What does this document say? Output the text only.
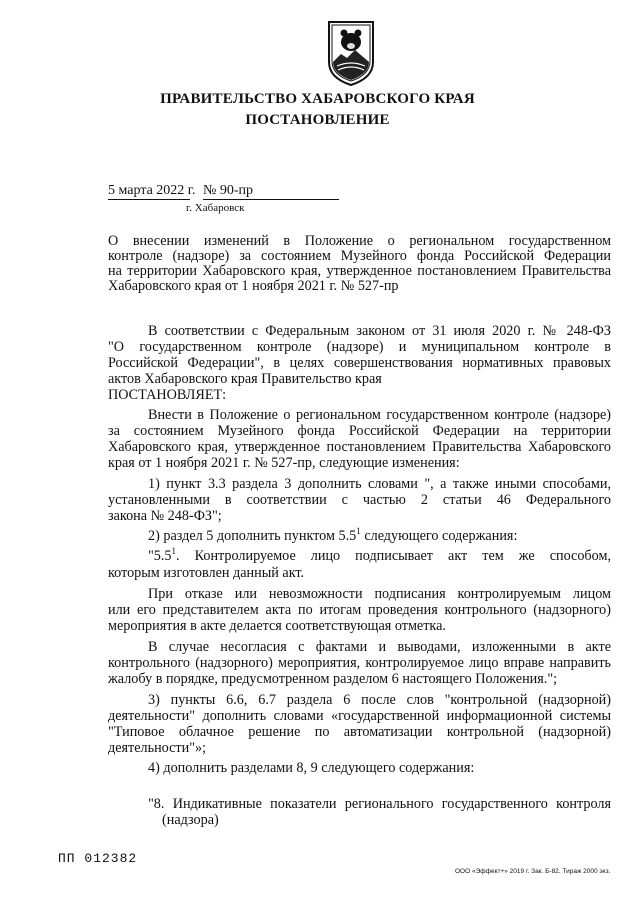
ПРАВИТЕЛЬСТВО ХАБАРОВСКОГО КРАЯ
ПОСТАНОВЛЕНИЕ
5 марта 2022 г. № 90-пр
г. Хабаровск
О внесении изменений в Положение о региональном государственном
контроле (надзоре) за состоянием Музейного фонда Российской Федерации
на территории Хабаровского края, утвержденное постановлением Правительства
Хабаровского края от 1 ноября 2021 г. № 527-пр
В соответствии с Федеральным законом от 31 июля 2020 г. № 248-ФЗ
"О государственном контроле (надзоре) и муниципальном контроле в
Российской Федерации", в целях совершенствования нормативных правовых
актов Хабаровского края Правительство края
ПОСТАНОВЛЯЕТ:
Внести в Положение о региональном государственном контроле (надзоре)
за состоянием Музейного фонда Российской Федерации на территории
Хабаровского края, утвержденное постановлением Правительства Хабаровского
края от 1 ноября 2021 г. № 527-пр, следующие изменения:
1) пункт 3.3 раздела 3 дополнить словами ", а также иными способами,
установленными в соответствии с частью 2 статьи 46 Федерального
закона № 248-ФЗ";
2) раздел 5 дополнить пунктом $5.5^1$ следующего содержания:
"$5.5^1$. Контролируемое лицо подписывает акт тем же способом,
которым изготовлен данный акт.
При отказе или невозможности подписания контролируемым лицом
или его представителем акта по итогам проведения контрольного (надзорного)
мероприятия в акте делается соответствующая отметка.
В случае несогласия с фактами и выводами, изложенными в акте
контрольного (надзорного) мероприятия, контролируемое лицо вправе направить
жалобу в порядке, предусмотренном разделом 6 настоящего Положения.";
3) пункты 6.6, 6.7 раздела 6 после слов "контрольной (надзорной)
деятельности" дополнить словами «государственной информационной системы
"Типовое облачное решение по автоматизации контрольной (надзорной)
деятельности"»;
4) дополнить разделами 8, 9 следующего содержания:
"8. Индикативные показатели регионального государственного контроля
(надзора)
ПП 012382
ООО «Эффект+» 2019 г. Зак. Б-82. Тираж 2000 экз.
